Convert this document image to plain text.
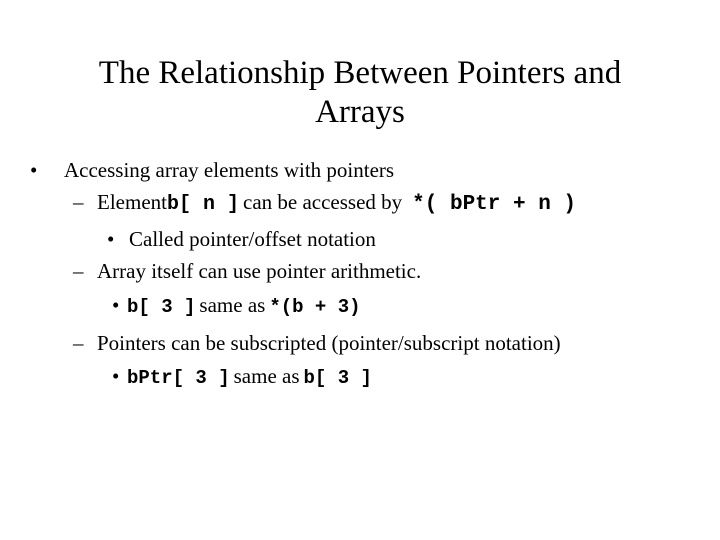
The Relationship Between Pointers and
Arrays
•	Accessing array elements with pointers
– Element b[ n ] can be accessed by *( bPtr + n )
• Called pointer/offset notation
– Array itself can use pointer arithmetic.
• b[ 3 ] same as *(b + 3)
– Pointers can be subscripted (pointer/subscript notation)
• bPtr[ 3 ] same as b[ 3 ]
